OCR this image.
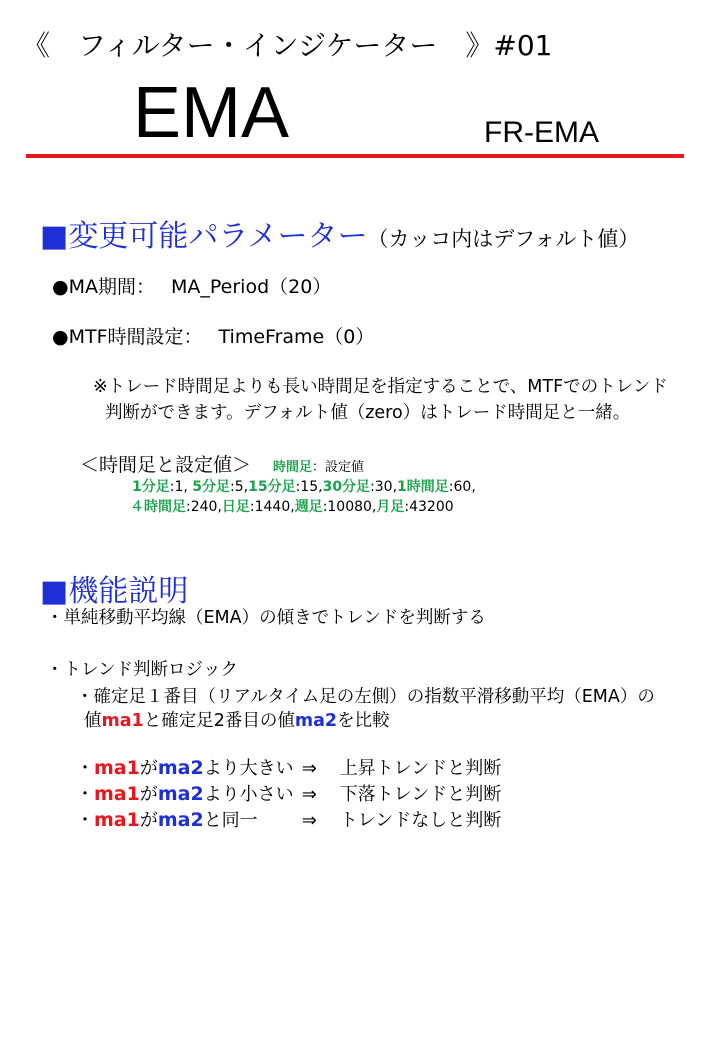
《　フィルター・インジケーター　》#01
EMA	FR-EMA
■変更可能パラメーター（カッコ内はデフォルト値）
●MA期間： MA_Period（20）
●MTF時間設定： TimeFrame（0）
※トレード時間足よりも長い時間足を指定することで、MTFでのトレンド
判断ができます。デフォルト値（zero）はトレード時間足と一緒。
＜時間足と設定値＞ 時間足：設定値
1分足:1, 5分足:5,15分足:15,30分足:30,1時間足:60,
４時間足:240,日足:1440,週足:10080,月足:43200
■機能説明
・単純移動平均線（EMA）の傾きでトレンドを判断する
・トレンド判断ロジック
・確定足１番目（リアルタイム足の左側）の指数平滑移動平均（EMA）の
値ma1と確定足2番目の値ma2を比較
・ma1がma2より大きい ⇒ 上昇トレンドと判断
・ma1がma2より小さい ⇒ 下落トレンドと判断
・ma1がma2と同一 ⇒ トレンドなしと判断
